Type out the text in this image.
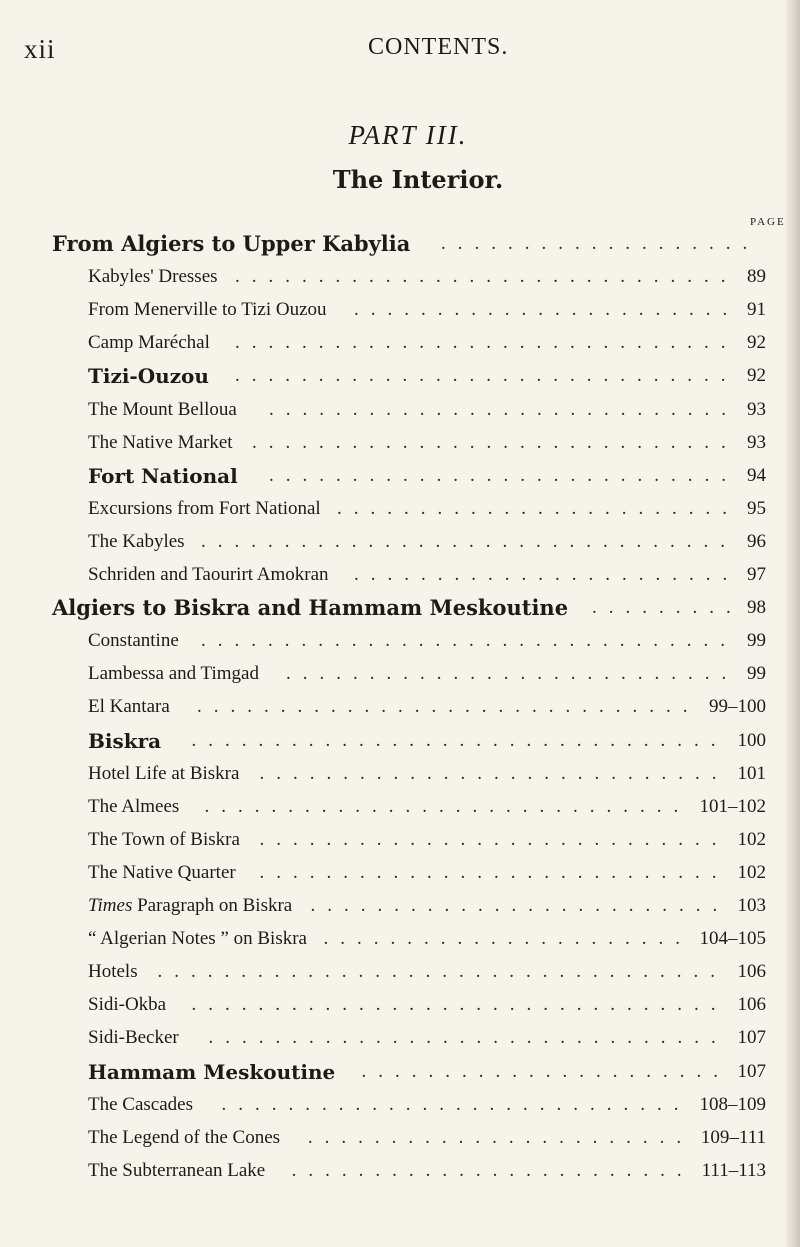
xii	CONTENTS.
PART III.
The Interior.
PAGE
From Algiers to Upper Kabylia ...................
Kabyles' Dresses	89
..............................
From Menerville to Tizi Ouzou	91
.......................
Camp Maréchal	92
..............................
Tizi-Ouzou	92
..............................
The Mount Belloua	93
............................
The Native Market	93
.............................
Fort National	94
............................
Excursions from Fort National	95
........................
The Kabyles	96
................................
Schriden and Taourirt Amokran	97
.......................
Algiers to Biskra and Hammam Meskoutine	98
.........
Constantine	99
................................
Lambessa and Timgad	99
...........................
El Kantara	99–100
..............................
Biskra	100
................................
Hotel Life at Biskra	101
............................
The Almees	101–102
.............................
The Town of Biskra	102
............................
The Native Quarter	102
............................
Times Paragraph on Biskra	103
.........................
“ Algerian Notes ” on Biskra	104–105
......................
Hotels	106
..................................
Sidi-Okba	106
................................
Sidi-Becker	107
...............................
Hammam Meskoutine	107
......................
The Cascades	108–109
............................
The Legend of the Cones	109–111
.......................
The Subterranean Lake	111–113
........................
